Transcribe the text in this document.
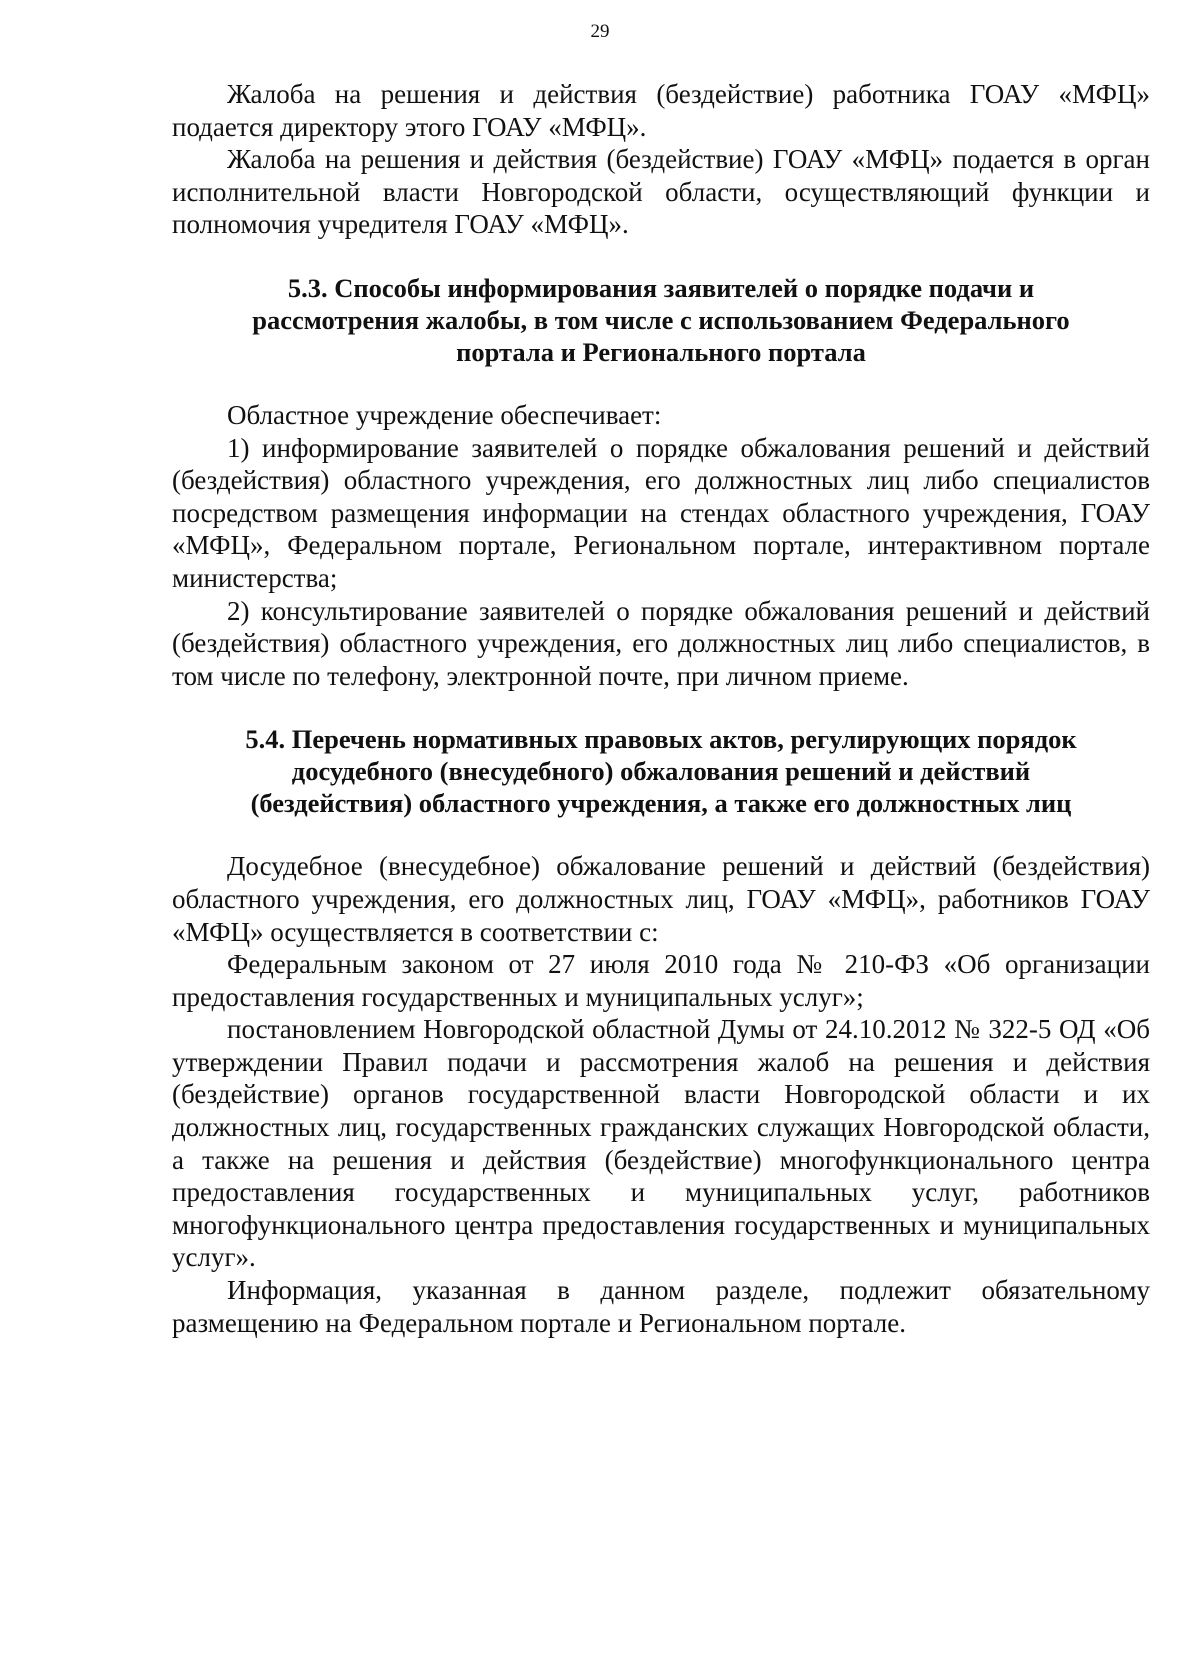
29

Жалоба на решения и действия (бездействие) работника ГОАУ «МФЦ» подается директору этого ГОАУ «МФЦ».

Жалоба на решения и действия (бездействие) ГОАУ «МФЦ» подается в орган исполнительной власти Новгородской области, осуществляющий функции и полномочия учредителя ГОАУ «МФЦ».

5.3. Способы информирования заявителей о порядке подачи и
рассмотрения жалобы, в том числе с использованием Федерального
портала и Регионального портала

Областное учреждение обеспечивает:

1) информирование заявителей о порядке обжалования решений и действий (бездействия) областного учреждения, его должностных лиц либо специалистов посредством размещения информации на стендах областного учреждения, ГОАУ «МФЦ», Федеральном портале, Региональном портале, интерактивном портале министерства;

2) консультирование заявителей о порядке обжалования решений и действий (бездействия) областного учреждения, его должностных лиц либо специалистов, в том числе по телефону, электронной почте, при личном приеме.

5.4. Перечень нормативных правовых актов, регулирующих порядок
досудебного (внесудебного) обжалования решений и действий
(бездействия) областного учреждения, а также его должностных лиц

Досудебное (внесудебное) обжалование решений и действий (бездействия) областного учреждения, его должностных лиц, ГОАУ «МФЦ», работников ГОАУ «МФЦ» осуществляется в соответствии с:

Федеральным законом от 27 июля 2010 года № 210-ФЗ «Об организации предоставления государственных и муниципальных услуг»;

постановлением Новгородской областной Думы от 24.10.2012 № 322-5 ОД «Об утверждении Правил подачи и рассмотрения жалоб на решения и действия (бездействие) органов государственной власти Новгородской области и их должностных лиц, государственных гражданских служащих Новгородской области, а также на решения и действия (бездействие) многофункционального центра предоставления государственных и муниципальных услуг, работников многофункционального центра предоставления государственных и муниципальных услуг».

Информация, указанная в данном разделе, подлежит обязательному размещению на Федеральном портале и Региональном портале.
